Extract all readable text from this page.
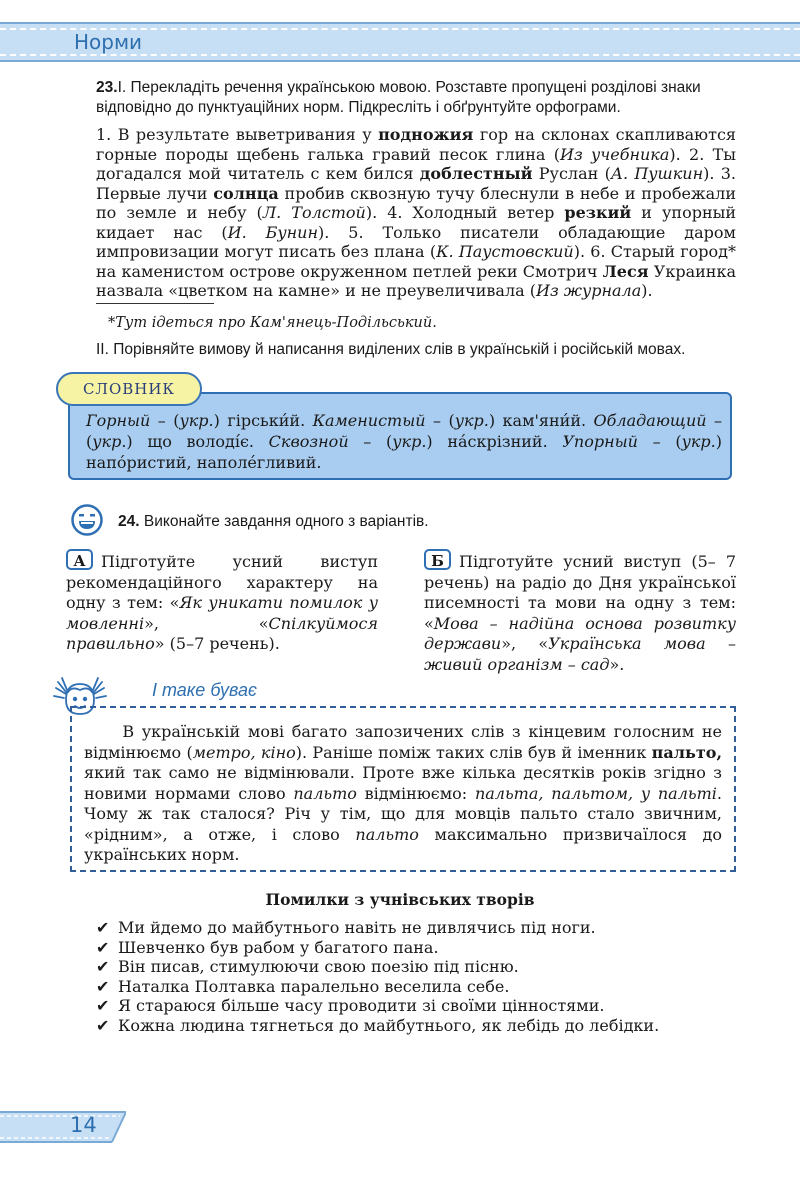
Норми

23.І. Перекладіть речення українською мовою. Розставте пропущені розділові знаки відповідно до пунктуаційних норм. Підкресліть і обґрунтуйте орфограми.

1. В результате выветривания у подножия гор на склонах скапливаются горные породы щебень галька гравий песок глина (Из учебника). 2. Ты догадался мой читатель с кем бился доблестный Руслан (А. Пушкин). 3. Первые лучи солнца пробив сквозную тучу блеснули в небе и пробежали по земле и небу (Л. Толстой). 4. Холодный ветер резкий и упорный кидает нас (И. Бунин). 5. Только писатели обладающие даром импровизации могут писать без плана (К. Паустовский). 6. Старый город* на каменистом острове окруженном петлей реки Смотрич Леся Украинка назвала «цветком на камне» и не преувеличивала (Из журнала).

*Тут ідеться про Кам'янець-Подільський.

ІІ. Порівняйте вимову й написання виділених слів в українській і російській мовах.

СЛОВНИК

Горный – (укр.) гірськи́й. Каменистый – (укр.) кам'яни́й. Обладающий – (укр.) що володі́є. Сквозной – (укр.) на́скрізний. Упорный – (укр.) напо́ристий, наполе́гливий.

24. Виконайте завдання одного з варіантів.

А Підготуйте усний виступ рекомендаційного характеру на одну з тем: «Як уникати помилок у мовленні», «Спілкуймося правильно» (5–7 речень).

Б Підготуйте усний виступ (5– 7 речень) на радіо до Дня української писемності та мови на одну з тем: «Мова – надійна основа розвитку держави», «Українська мова – живий організм – сад».

І таке буває

В українській мові багато запозичених слів з кінцевим голосним не відмінюємо (метро, кіно). Раніше поміж таких слів був й іменник пальто, який так само не відмінювали. Проте вже кілька десятків років згідно з новими нормами слово пальто відмінюємо: пальта, пальтом, у пальті. Чому ж так сталося? Річ у тім, що для мовців пальто стало звичним, «рідним», а отже, і слово пальто максимально призвичаїлося до українських норм.

Помилки з учнівських творів
✔ Ми йдемо до майбутнього навіть не дивлячись під ноги.
✔ Шевченко був рабом у багатого пана.
✔ Він писав, стимулюючи свою поезію під пісню.
✔ Наталка Полтавка паралельно веселила себе.
✔ Я стараюся більше часу проводити зі своїми цінностями.
✔ Кожна людина тягнеться до майбутнього, як лебідь до лебідки.
14
